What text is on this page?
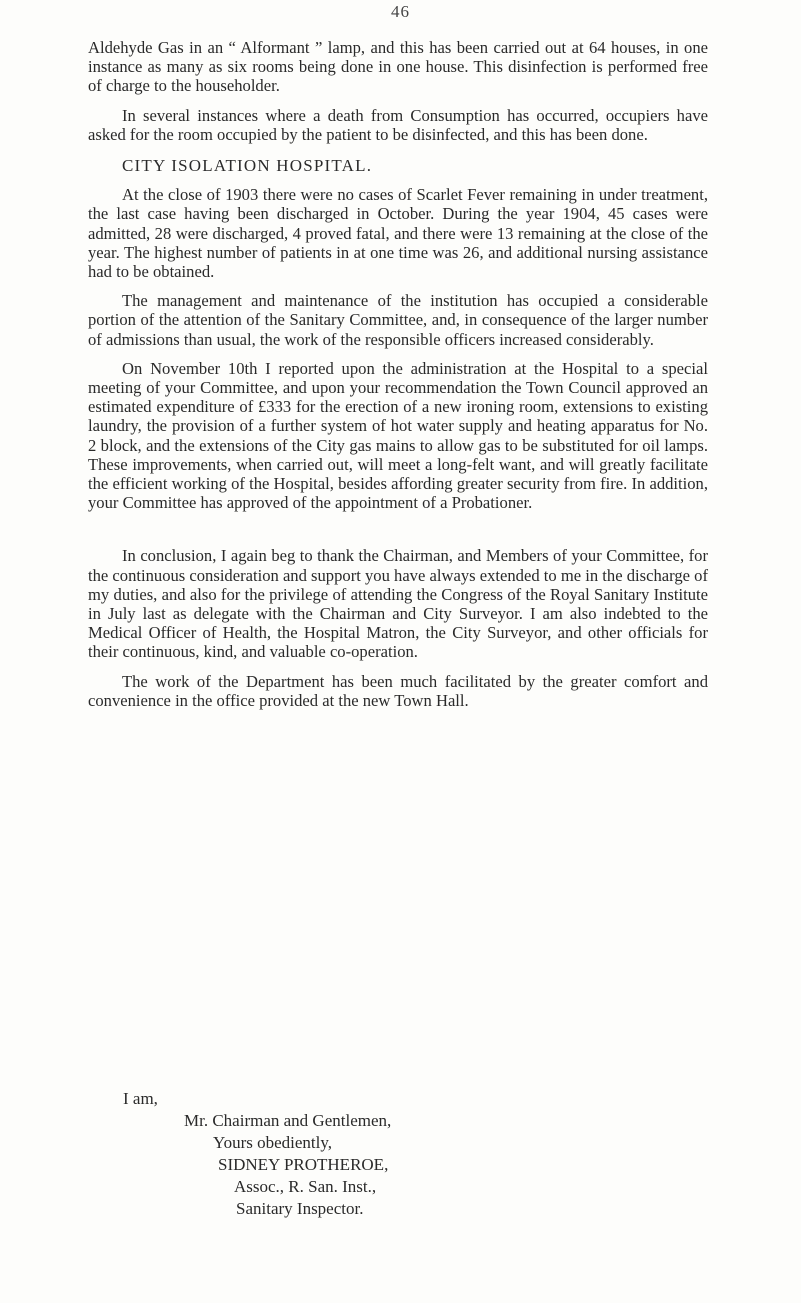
46

Aldehyde Gas in an “ Alformant ” lamp, and this has been carried out at 64 houses, in one instance as many as six rooms being done in one house. This disinfection is performed free of charge to the householder.

In several instances where a death from Consumption has occurred, occupiers have asked for the room occupied by the patient to be disinfected, and this has been done.

CITY ISOLATION HOSPITAL.

At the close of 1903 there were no cases of Scarlet Fever remaining in under treatment, the last case having been discharged in October. During the year 1904, 45 cases were admitted, 28 were discharged, 4 proved fatal, and there were 13 remaining at the close of the year. The highest number of patients in at one time was 26, and additional nursing assistance had to be obtained.

The management and maintenance of the institution has occupied a considerable portion of the attention of the Sanitary Committee, and, in consequence of the larger number of admissions than usual, the work of the responsible officers increased considerably.

On November 10th I reported upon the administration at the Hospital to a special meeting of your Committee, and upon your recommendation the Town Council approved an estimated expenditure of £333 for the erection of a new ironing room, extensions to existing laundry, the provision of a further system of hot water supply and heating apparatus for No. 2 block, and the extensions of the City gas mains to allow gas to be substituted for oil lamps. These improvements, when carried out, will meet a long-felt want, and will greatly facilitate the efficient working of the Hospital, besides affording greater security from fire. In addition, your Committee has approved of the appointment of a Probationer.

In conclusion, I again beg to thank the Chairman, and Members of your Committee, for the continuous consideration and support you have always extended to me in the discharge of my duties, and also for the privilege of attending the Congress of the Royal Sanitary Institute in July last as delegate with the Chairman and City Surveyor. I am also indebted to the Medical Officer of Health, the Hospital Matron, the City Surveyor, and other officials for their continuous, kind, and valuable co-operation.

The work of the Department has been much facilitated by the greater comfort and convenience in the office provided at the new Town Hall.

I am,
Mr. Chairman and Gentlemen,
Yours obediently,
SIDNEY PROTHEROE,
Assoc., R. San. Inst.,
Sanitary Inspector.
